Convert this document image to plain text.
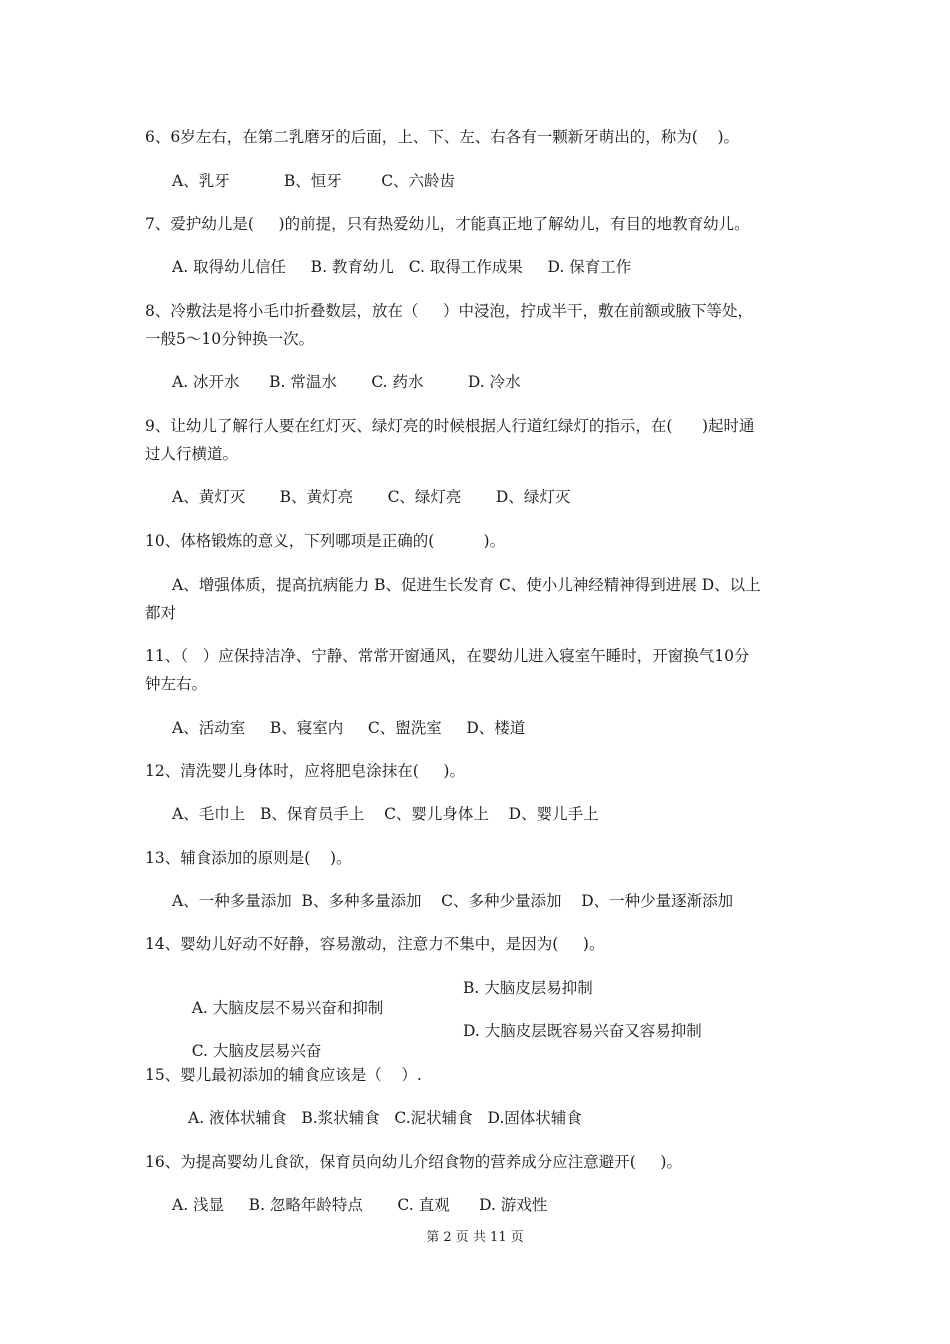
6、6岁左右，在第二乳磨牙的后面，上、下、左、右各有一颗新牙萌出的，称为(    )。
A、乳牙           B、恒牙        C、六龄齿
7、爱护幼儿是(     )的前提，只有热爱幼儿，才能真正地了解幼儿，有目的地教育幼儿。
A. 取得幼儿信任     B. 教育幼儿   C. 取得工作成果     D. 保育工作
8、冷敷法是将小毛巾折叠数层，放在（     ）中浸泡，拧成半干，敷在前额或腋下等处，
一般5～10分钟换一次。
A. 冰开水      B. 常温水       C. 药水         D. 冷水
9、让幼儿了解行人要在红灯灭、绿灯亮的时候根据人行道红绿灯的指示，在(      )起时通
过人行横道。
A、黄灯灭       B、黄灯亮       C、绿灯亮       D、绿灯灭
10、体格锻炼的意义，下列哪项是正确的(          )。
A、增强体质，提高抗病能力 B、促进生长发育 C、使小儿神经精神得到进展 D、以上
都对
11、（   ）应保持洁净、宁静、常常开窗通风，在婴幼儿进入寝室午睡时，开窗换气10分
钟左右。
A、活动室     B、寝室内     C、盥洗室     D、楼道
12、清洗婴儿身体时，应将肥皂涂抹在(     )。
A、毛巾上   B、保育员手上    C、婴儿身体上    D、婴儿手上
13、辅食添加的原则是(    )。
A、一种多量添加  B、多种多量添加    C、多种少量添加    D、一种少量逐渐添加
14、婴幼儿好动不好静，容易激动，注意力不集中，是因为(     )。

A. 大脑皮层不易兴奋和抑制

B. 大脑皮层易抑制

C. 大脑皮层易兴奋

D. 大脑皮层既容易兴奋又容易抑制

15、婴儿最初添加的辅食应该是（    ）.
A. 液体状辅食   B.浆状辅食   C.泥状辅食   D.固体状辅食
16、为提高婴幼儿食欲，保育员向幼儿介绍食物的营养成分应注意避开(     )。
A. 浅显     B. 忽略年龄特点       C. 直观      D. 游戏性
第 2 页 共 11 页
